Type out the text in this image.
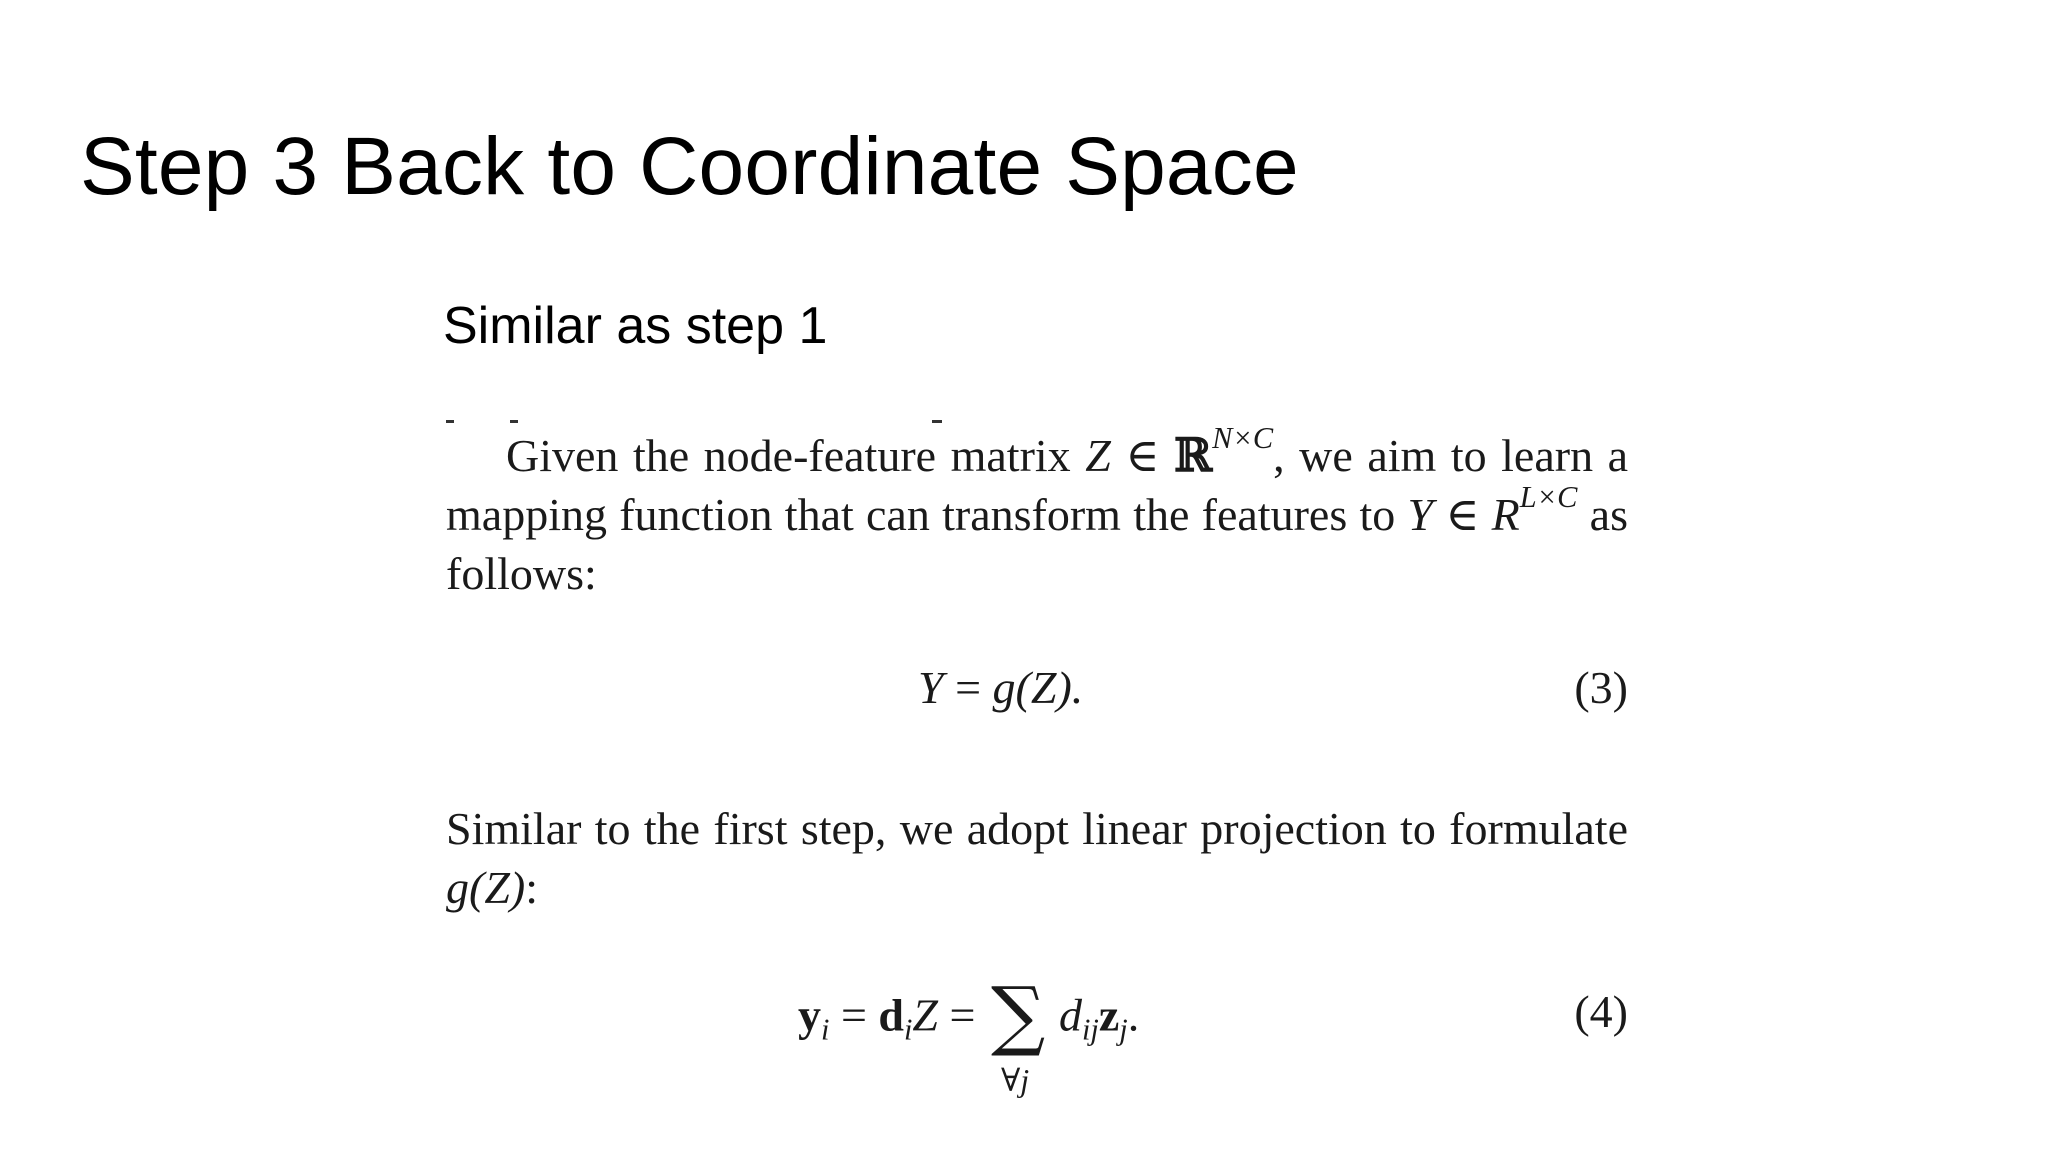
Step 3 Back to Coordinate Space
Similar as step 1

Given the node-feature matrix Z ∈ ℝ$^{N\times C}$, we aim to learn a mapping function that can transform the features to Y ∈ $R^{L\times C}$ as follows:

Y = g(Z).	(3)

Similar to the first step, we adopt linear projection to formulate g(Z):

$y_i = d_iZ$ = ∑
∀j
$d_{ij}z_j$.	(4)
